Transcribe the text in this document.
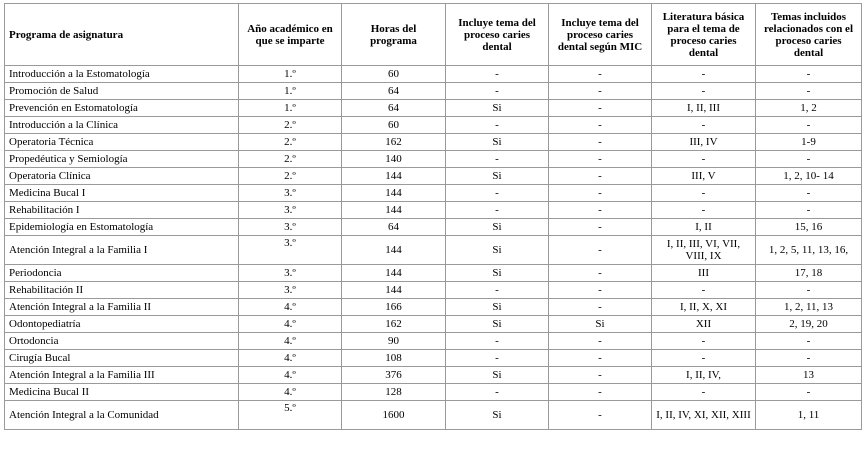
Programa de asignatura	Año académico en que se imparte	Horas del programa	Incluye tema del proceso caries dental	Incluye tema del proceso caries dental según MIC	Literatura básica para el tema de proceso caries dental	Temas incluidos relacionados con el proceso caries dental
Introducción a la Estomatología	1.º	60	-	-	-	-
Promoción de Salud	1.º	64	-	-	-	-
Prevención en Estomatología	1.º	64	Si	-	I, II, III	1, 2
Introducción a la Clínica	2.º	60	-	-	-	-
Operatoria Técnica	2.º	162	Si	-	III, IV	1-9
Propedéutica y Semiología	2.º	140	-	-	-	-
Operatoria Clínica	2.º	144	Si	-	III, V	1, 2, 10- 14
Medicina Bucal I	3.º	144	-	-	-	-
Rehabilitación I	3.º	144	-	-	-	-
Epidemiología en Estomatología	3.º	64	Si	-	I, II	15, 16
Atención Integral a la Familia I	3.º	144	Si	-	I, II, III, VI, VII, VIII, IX	1, 2, 5, 11, 13, 16,
Periodoncia	3.º	144	Si	-	III	17, 18
Rehabilitación II	3.º	144	-	-	-	-
Atención Integral a la Familia II	4.º	166	Si	-	I, II, X, XI	1, 2, 11, 13
Odontopediatría	4.º	162	Si	Si	XII	2, 19, 20
Ortodoncia	4.º	90	-	-	-	-
Cirugía Bucal	4.º	108	-	-	-	-
Atención Integral a la Familia III	4.º	376	Si	-	I, II, IV,	13
Medicina Bucal II	4.º	128	-	-	-	-
Atención Integral a la Comunidad	5.º	1600	Si	-	I, II, IV, XI, XII, XIII	1, 11
